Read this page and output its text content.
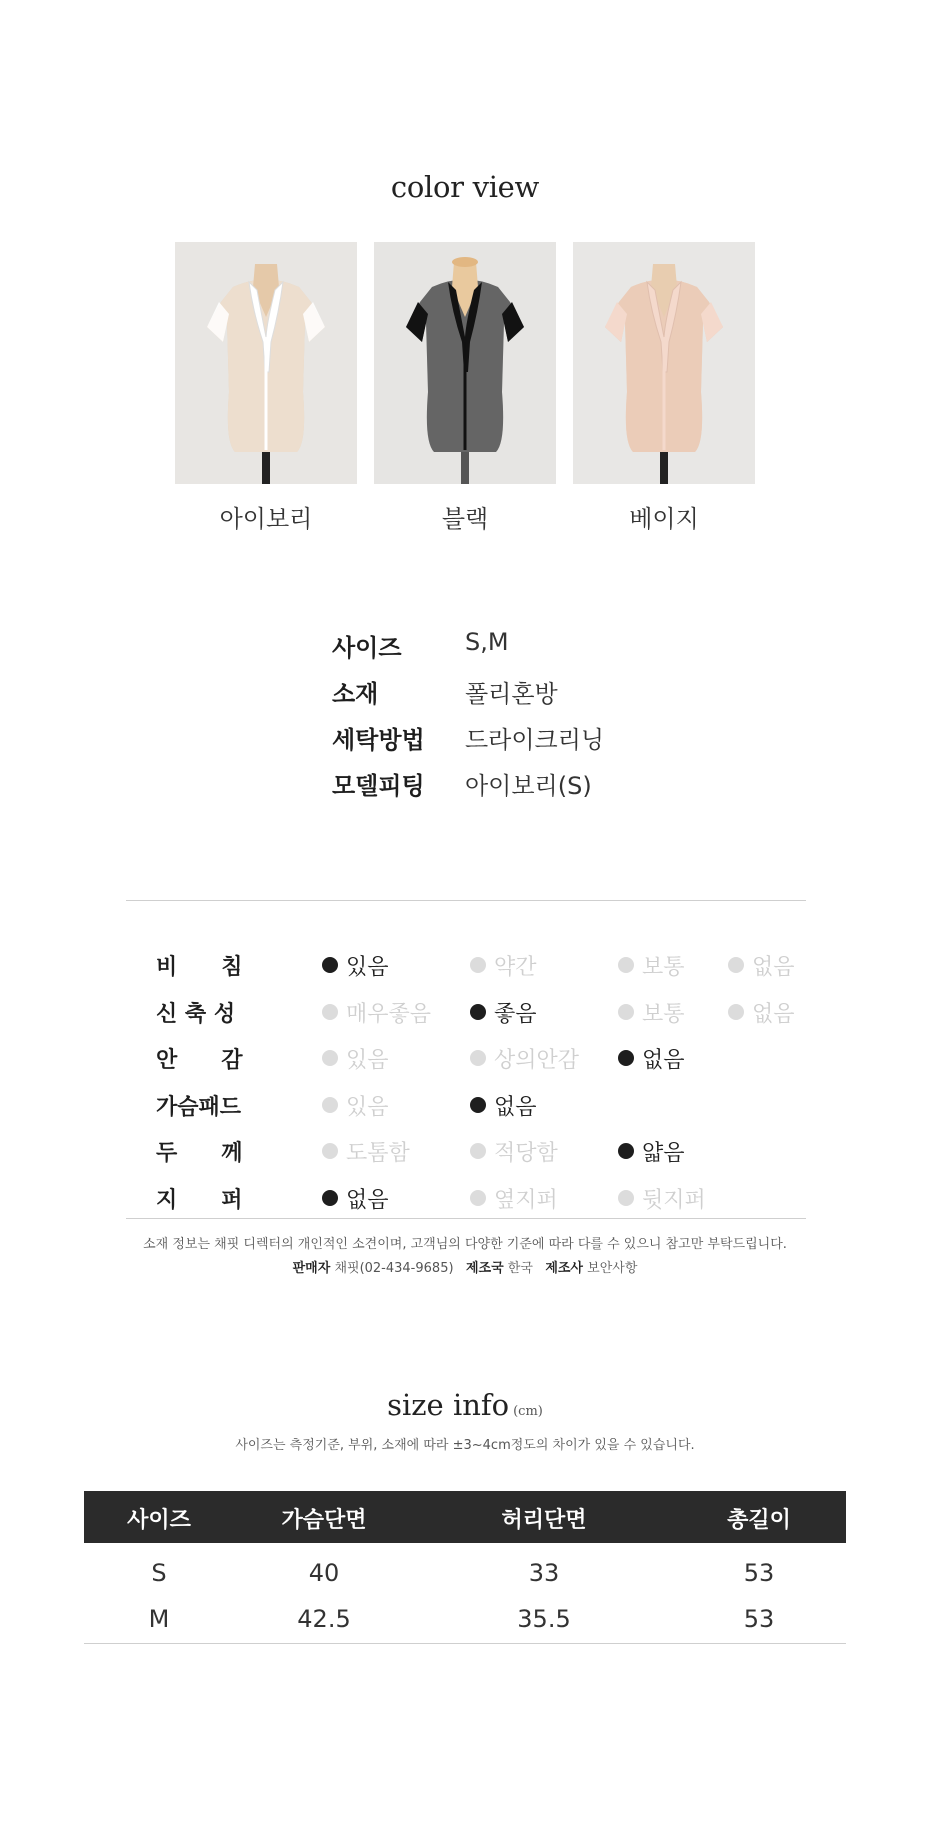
color view
아이보리	블랙	베이지
사이즈	S,M
소재	폴리혼방
세탁방법 드라이크리닝
모델피팅 아이보리(S)
비　　침	있음	약간	보통	없음
신 축 성	매우좋음	좋음	보통	없음
안　　감	있음	상의안감	없음
가슴패드	있음	없음
두　　께	도톰함	적당함	얇음
지　　퍼	없음	옆지퍼	뒷지퍼
소재 정보는 채핏 디렉터의 개인적인 소견이며, 고객님의 다양한 기준에 따라 다를 수 있으니 참고만 부탁드립니다.
판매자 채핏(02-434-9685) 제조국 한국 제조사 보안사항
size info (cm)
사이즈는 측정기준, 부위, 소재에 따라 ±3~4cm정도의 차이가 있을 수 있습니다.
사이즈	가슴단면	허리단면	총길이
S	40	33	53
M	42.5	35.5	53
